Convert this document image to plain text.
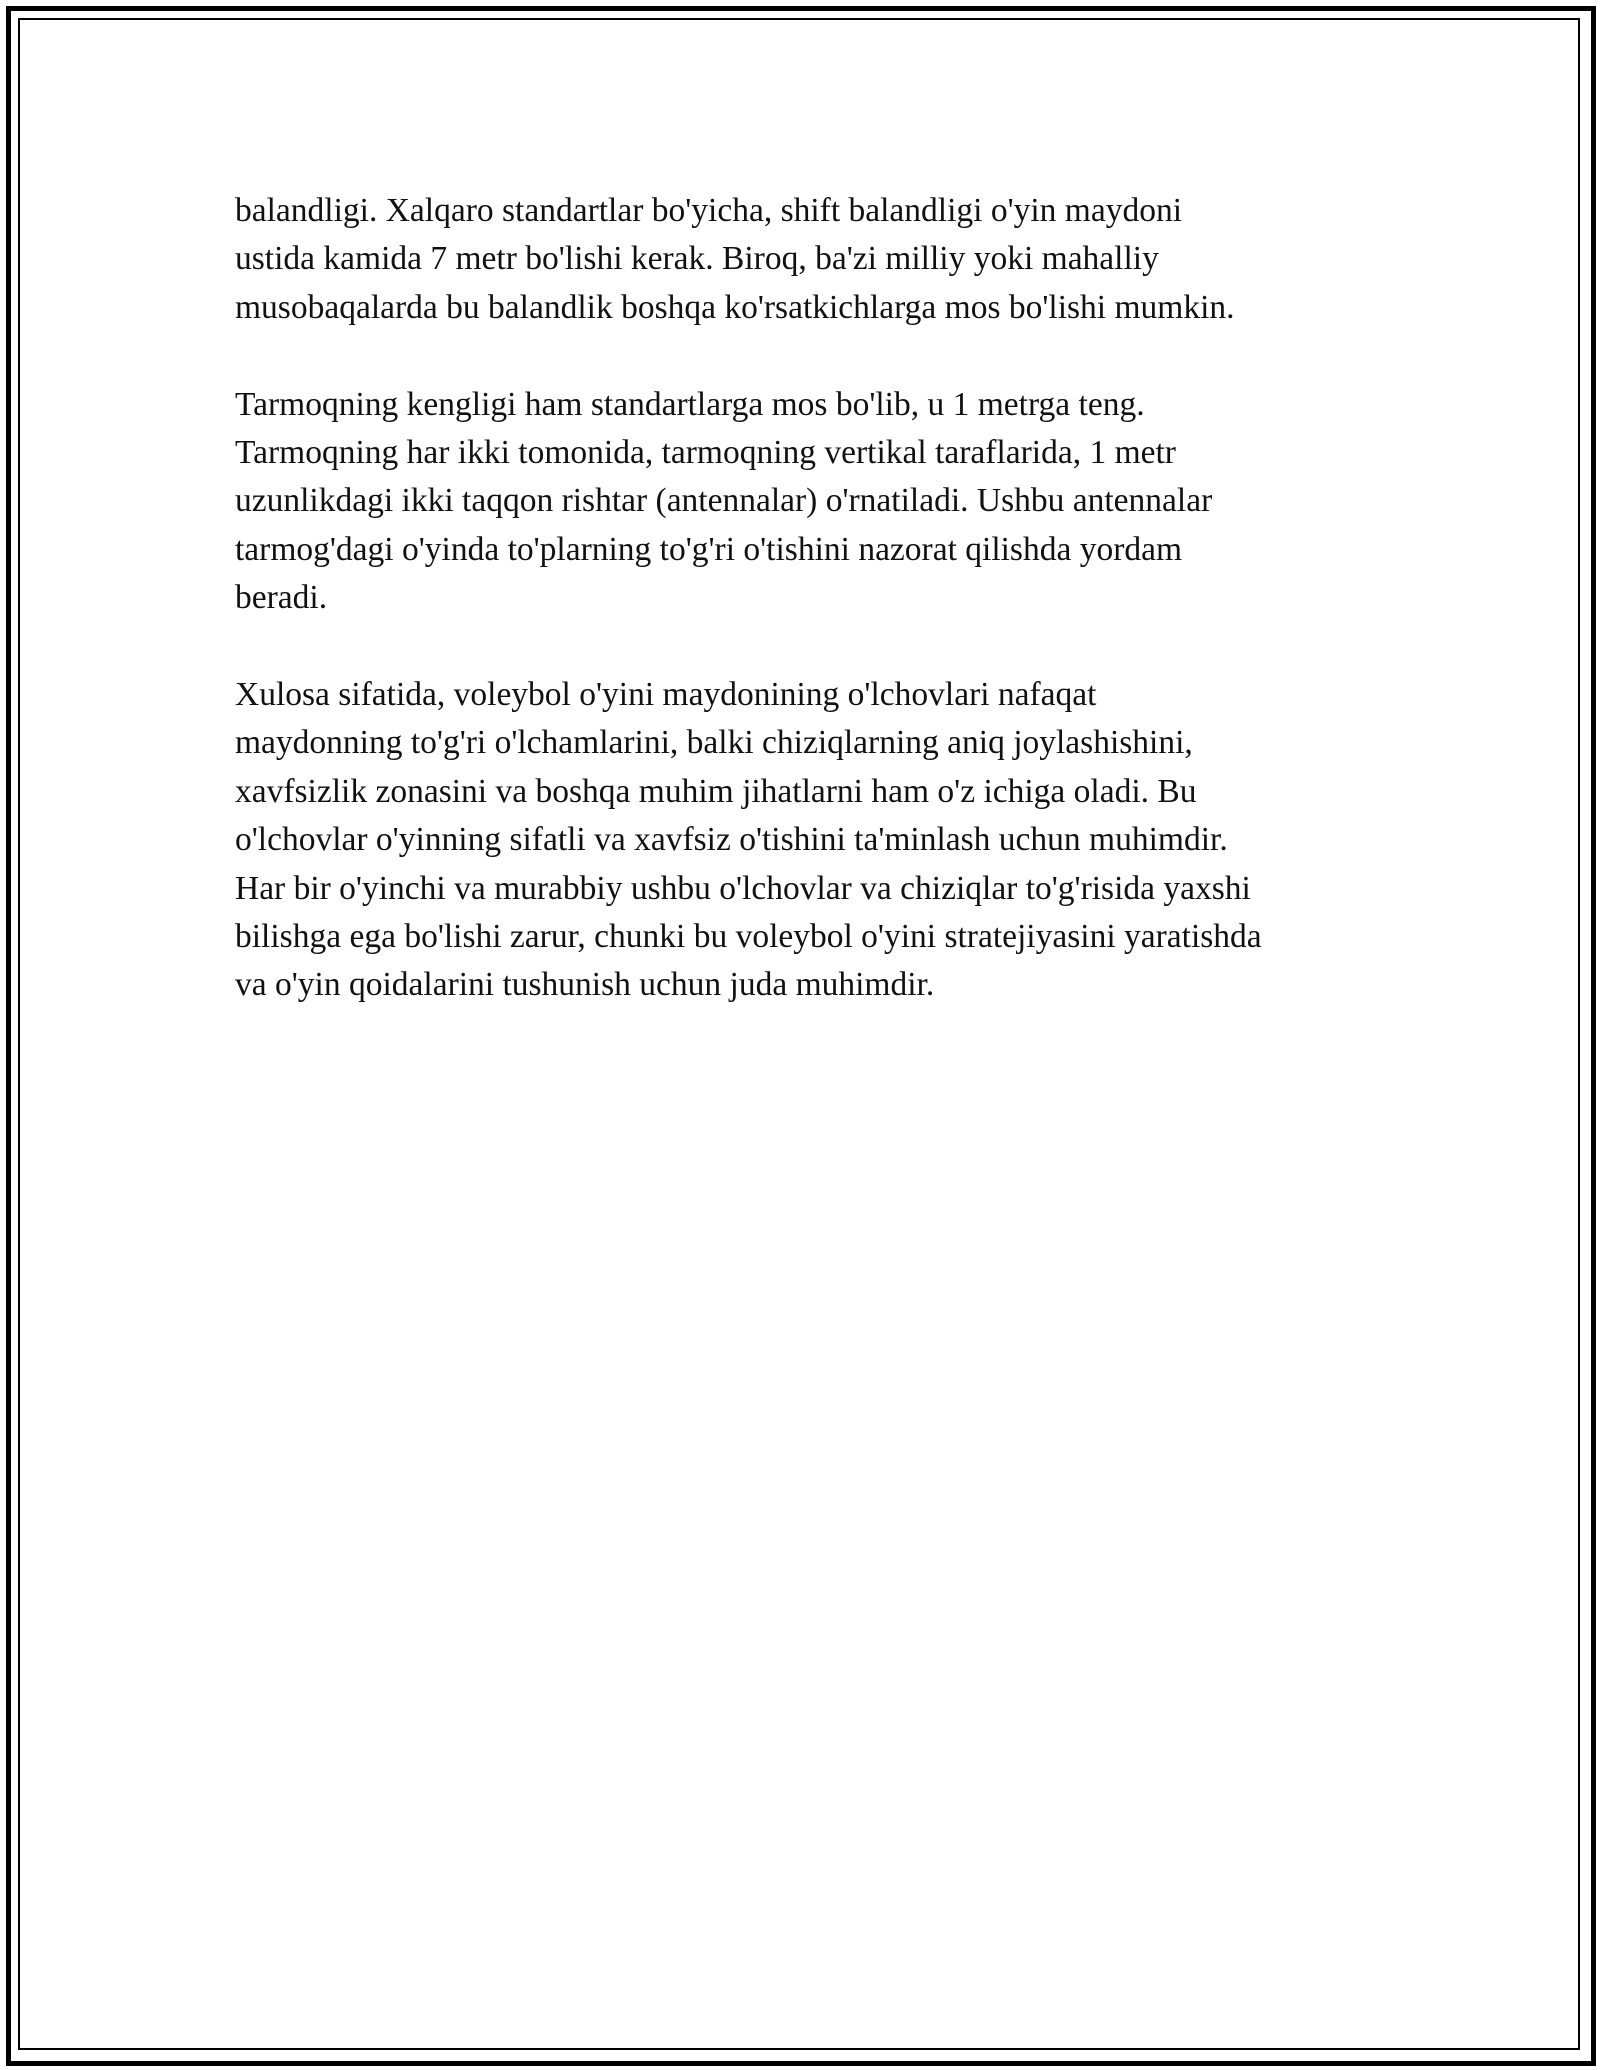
balandligi. Xalqaro standartlar bo'yicha, shift balandligi o'yin maydoni
ustida kamida 7 metr bo'lishi kerak. Biroq, ba'zi milliy yoki mahalliy
musobaqalarda bu balandlik boshqa ko'rsatkichlarga mos bo'lishi mumkin.

Tarmoqning kengligi ham standartlarga mos bo'lib, u 1 metrga teng.
Tarmoqning har ikki tomonida, tarmoqning vertikal taraflarida, 1 metr
uzunlikdagi ikki taqqon rishtar (antennalar) o'rnatiladi. Ushbu antennalar
tarmog'dagi o'yinda to'plarning to'g'ri o'tishini nazorat qilishda yordam
beradi.

Xulosa sifatida, voleybol o'yini maydonining o'lchovlari nafaqat
maydonning to'g'ri o'lchamlarini, balki chiziqlarning aniq joylashishini,
xavfsizlik zonasini va boshqa muhim jihatlarni ham o'z ichiga oladi. Bu
o'lchovlar o'yinning sifatli va xavfsiz o'tishini ta'minlash uchun muhimdir.
Har bir o'yinchi va murabbiy ushbu o'lchovlar va chiziqlar to'g'risida yaxshi
bilishga ega bo'lishi zarur, chunki bu voleybol o'yini stratejiyasini yaratishda
va o'yin qoidalarini tushunish uchun juda muhimdir.
